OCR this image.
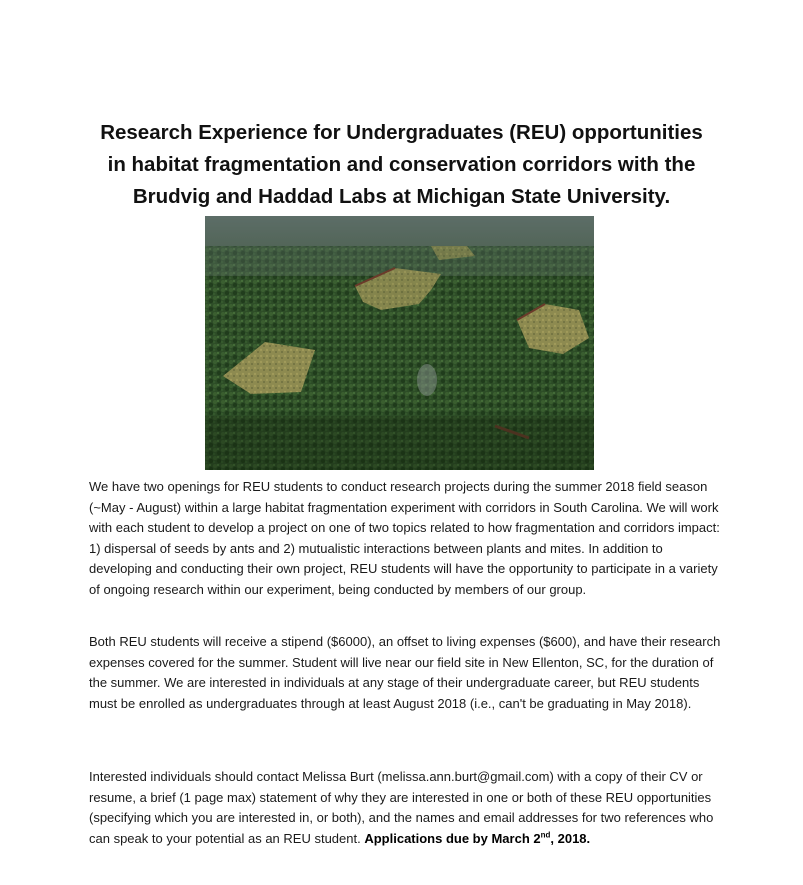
Research Experience for Undergraduates (REU) opportunities
in habitat fragmentation and conservation corridors with the
Brudvig and Haddad Labs at Michigan State University.

We have two openings for REU students to conduct research projects during the summer 2018 field season (~May - August) within a large habitat fragmentation experiment with corridors in South Carolina. We will work with each student to develop a project on one of two topics related to how fragmentation and corridors impact: 1) dispersal of seeds by ants and 2) mutualistic interactions between plants and mites. In addition to developing and conducting their own project, REU students will have the opportunity to participate in a variety of ongoing research within our experiment, being conducted by members of our group.

Both REU students will receive a stipend ($6000), an offset to living expenses ($600), and have their research expenses covered for the summer. Student will live near our field site in New Ellenton, SC, for the duration of the summer. We are interested in individuals at any stage of their undergraduate career, but REU students must be enrolled as undergraduates through at least August 2018 (i.e., can't be graduating in May 2018).

Interested individuals should contact Melissa Burt (melissa.ann.burt@gmail.com) with a copy of their CV or resume, a brief (1 page max) statement of why they are interested in one or both of these REU opportunities (specifying which you are interested in, or both), and the names and email addresses for two references who can speak to your potential as an REU student. Applications due by March 2nd, 2018.
